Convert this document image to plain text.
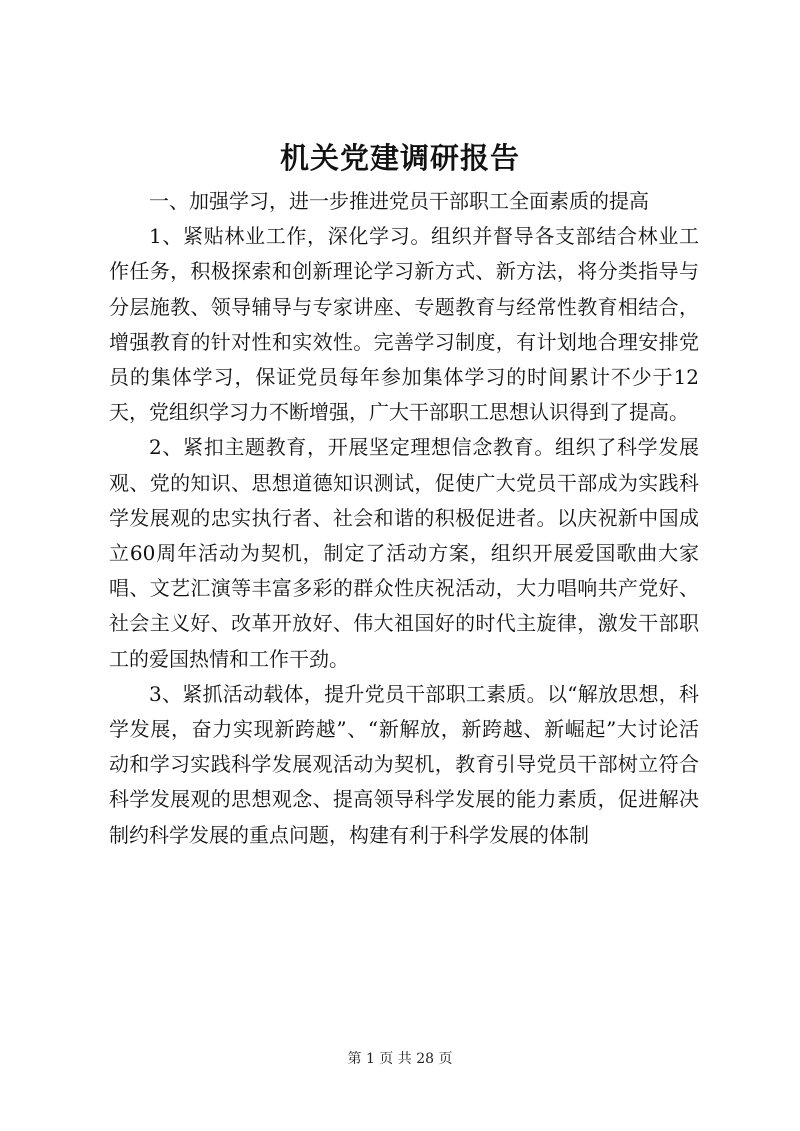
机关党建调研报告

一、加强学习，进一步推进党员干部职工全面素质的提高

1、紧贴林业工作，深化学习。组织并督导各支部结合林业工作任务，积极探索和创新理论学习新方式、新方法，将分类指导与分层施教、领导辅导与专家讲座、专题教育与经常性教育相结合，增强教育的针对性和实效性。完善学习制度，有计划地合理安排党员的集体学习，保证党员每年参加集体学习的时间累计不少于12天，党组织学习力不断增强，广大干部职工思想认识得到了提高。

2、紧扣主题教育，开展坚定理想信念教育。组织了科学发展观、党的知识、思想道德知识测试，促使广大党员干部成为实践科学发展观的忠实执行者、社会和谐的积极促进者。以庆祝新中国成立60周年活动为契机，制定了活动方案，组织开展爱国歌曲大家唱、文艺汇演等丰富多彩的群众性庆祝活动，大力唱响共产党好、社会主义好、改革开放好、伟大祖国好的时代主旋律，激发干部职工的爱国热情和工作干劲。

3、紧抓活动载体，提升党员干部职工素质。以“解放思想，科学发展，奋力实现新跨越”、“新解放，新跨越、新崛起”大讨论活动和学习实践科学发展观活动为契机，教育引导党员干部树立符合科学发展观的思想观念、提高领导科学发展的能力素质，促进解决制约科学发展的重点问题，构建有利于科学发展的体制

第 1 页 共 28 页
